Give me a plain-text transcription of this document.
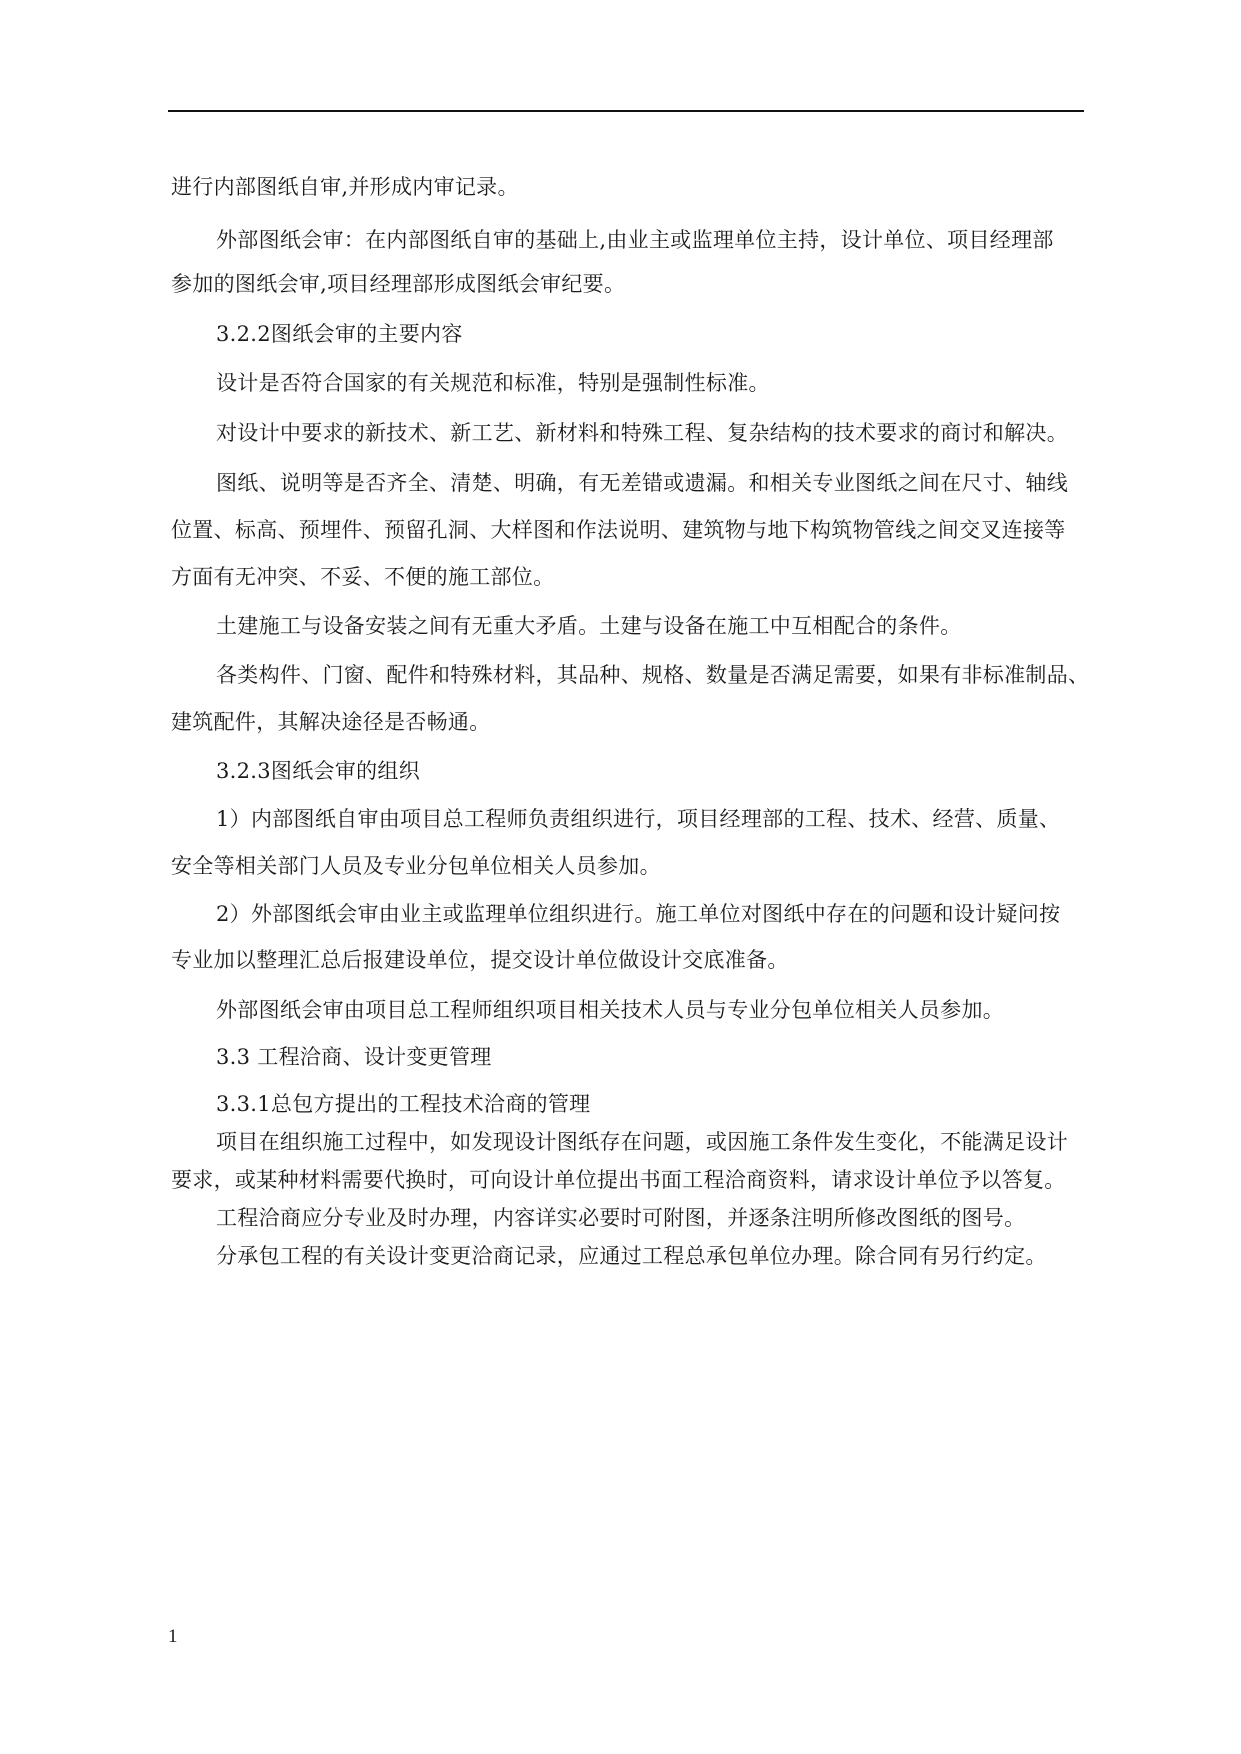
进行内部图纸自审,并形成内审记录。
外部图纸会审：在内部图纸自审的基础上,由业主或监理单位主持，设计单位、项目经理部
参加的图纸会审,项目经理部形成图纸会审纪要。
3.2.2图纸会审的主要内容
设计是否符合国家的有关规范和标准，特别是强制性标准。
对设计中要求的新技术、新工艺、新材料和特殊工程、复杂结构的技术要求的商讨和解决。
图纸、说明等是否齐全、清楚、明确，有无差错或遗漏。和相关专业图纸之间在尺寸、轴线
位置、标高、预埋件、预留孔洞、大样图和作法说明、建筑物与地下构筑物管线之间交叉连接等
方面有无冲突、不妥、不便的施工部位。
土建施工与设备安装之间有无重大矛盾。土建与设备在施工中互相配合的条件。
各类构件、门窗、配件和特殊材料，其品种、规格、数量是否满足需要，如果有非标准制品、
建筑配件，其解决途径是否畅通。
3.2.3图纸会审的组织
1）内部图纸自审由项目总工程师负责组织进行，项目经理部的工程、技术、经营、质量、
安全等相关部门人员及专业分包单位相关人员参加。
2）外部图纸会审由业主或监理单位组织进行。施工单位对图纸中存在的问题和设计疑问按
专业加以整理汇总后报建设单位，提交设计单位做设计交底准备。
外部图纸会审由项目总工程师组织项目相关技术人员与专业分包单位相关人员参加。
3.3 工程洽商、设计变更管理
3.3.1总包方提出的工程技术洽商的管理
项目在组织施工过程中，如发现设计图纸存在问题，或因施工条件发生变化，不能满足设计
要求，或某种材料需要代换时，可向设计单位提出书面工程洽商资料，请求设计单位予以答复。
工程洽商应分专业及时办理，内容详实必要时可附图，并逐条注明所修改图纸的图号。
分承包工程的有关设计变更洽商记录，应通过工程总承包单位办理。除合同有另行约定。
1
